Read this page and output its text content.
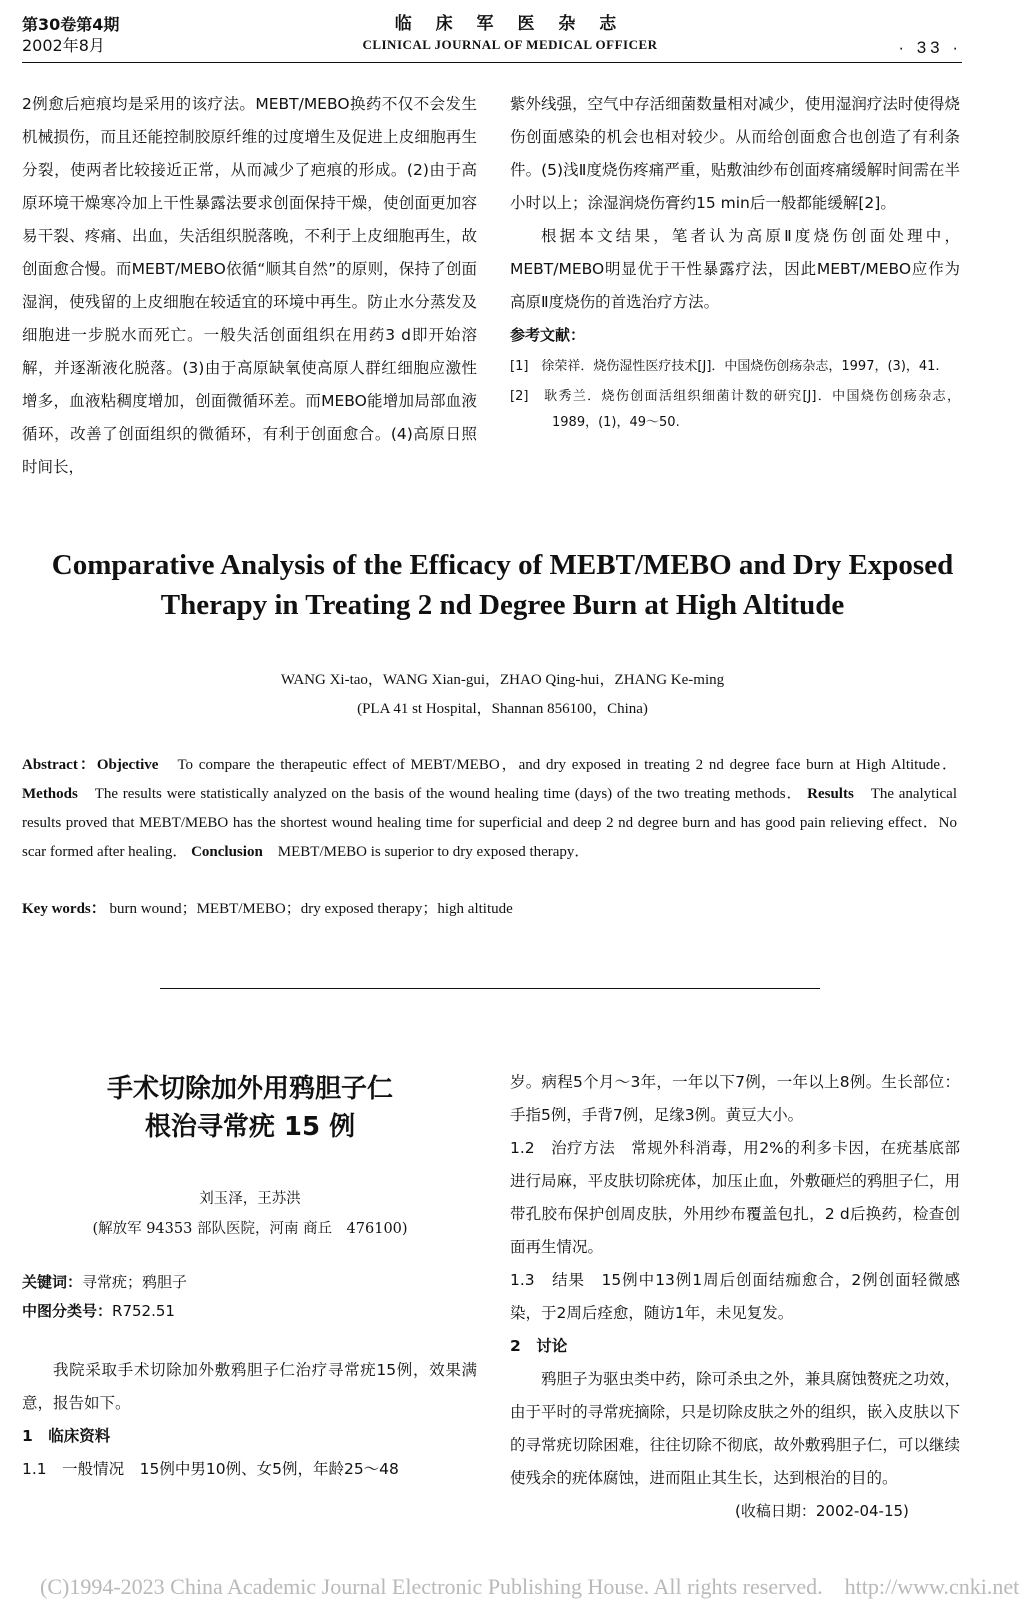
第30卷第4期
2002年8月
临 床 军 医 杂 志
CLINICAL JOURNAL OF MEDICAL OFFICER	· 33 ·

2例愈后疤痕均是采用的该疗法。MEBT/MEBO换药不仅不会发生机械损伤，而且还能控制胶原纤维的过度增生及促进上皮细胞再生分裂，使两者比较接近正常，从而减少了疤痕的形成。(2)由于高原环境干燥寒冷加上干性暴露法要求创面保持干燥，使创面更加容易干裂、疼痛、出血，失活组织脱落晚，不利于上皮细胞再生，故创面愈合慢。而MEBT/MEBO依循“顺其自然”的原则，保持了创面湿润，使残留的上皮细胞在较适宜的环境中再生。防止水分蒸发及细胞进一步脱水而死亡。一般失活创面组织在用药3 d即开始溶解，并逐渐液化脱落。(3)由于高原缺氧使高原人群红细胞应激性增多，血液粘稠度增加，创面微循环差。而MEBO能增加局部血液循环，改善了创面组织的微循环，有利于创面愈合。(4)高原日照时间长，

紫外线强，空气中存活细菌数量相对减少，使用湿润疗法时使得烧伤创面感染的机会也相对较少。从而给创面愈合也创造了有利条件。(5)浅Ⅱ度烧伤疼痛严重，贴敷油纱布创面疼痛缓解时间需在半小时以上；涂湿润烧伤膏约15 min后一般都能缓解[2]。

根据本文结果，笔者认为高原Ⅱ度烧伤创面处理中，MEBT/MEBO明显优于干性暴露疗法，因此MEBT/MEBO应作为高原Ⅱ度烧伤的首选治疗方法。

参考文献：
[1]　徐荣祥．烧伤湿性医疗技术[J]．中国烧伤创疡杂志，1997，(3)，41.
[2]　耿秀兰．烧伤创面活组织细菌计数的研究[J]．中国烧伤创疡杂志，1989，(1)，49～50.
Comparative Analysis of the Efficacy of MEBT/MEBO and Dry Exposed
Therapy in Treating 2 nd Degree Burn at High Altitude
WANG Xi-tao，WANG Xian-gui，ZHAO Qing-hui，ZHANG Ke-ming
(PLA 41 st Hospital，Shannan 856100，China)
Abstract：Objective　To compare the therapeutic effect of MEBT/MEBO，and dry exposed in treating 2 nd degree face burn at High Altitude． Methods　The results were statistically analyzed on the basis of the wound healing time (days) of the two treating methods． Results　The analytical results proved that MEBT/MEBO has the shortest wound healing time for superficial and deep 2 nd degree burn and has good pain relieving effect．No scar formed after healing． Conclusion　MEBT/MEBO is superior to dry exposed therapy．
Key words： burn wound；MEBT/MEBO；dry exposed therapy；high altitude
手术切除加外用鸦胆子仁
根治寻常疣 15 例
刘玉泽，王苏洪
(解放军 94353 部队医院，河南 商丘　476100)
关键词：寻常疣；鸦胆子
中图分类号：R752.51

我院采取手术切除加外敷鸦胆子仁治疗寻常疣15例，效果满意，报告如下。

1　临床资料

1.1　一般情况　15例中男10例、女5例，年龄25～48

岁。病程5个月～3年，一年以下7例，一年以上8例。生长部位：手指5例，手背7例，足缘3例。黄豆大小。

1.2　治疗方法　常规外科消毒，用2%的利多卡因，在疣基底部进行局麻，平皮肤切除疣体，加压止血，外敷砸烂的鸦胆子仁，用带孔胶布保护创周皮肤，外用纱布覆盖包扎，2 d后换药，检查创面再生情况。

1.3　结果　15例中13例1周后创面结痂愈合，2例创面轻微感染，于2周后痊愈，随访1年，未见复发。

2　讨论

鸦胆子为驱虫类中药，除可杀虫之外，兼具腐蚀赘疣之功效，由于平时的寻常疣摘除，只是切除皮肤之外的组织，嵌入皮肤以下的寻常疣切除困难，往往切除不彻底，故外敷鸦胆子仁，可以继续使残余的疣体腐蚀，进而阻止其生长，达到根治的目的。

(收稿日期：2002-04-15)
(C)1994-2023 China Academic Journal Electronic Publishing House. All rights reserved.　http://www.cnki.net
